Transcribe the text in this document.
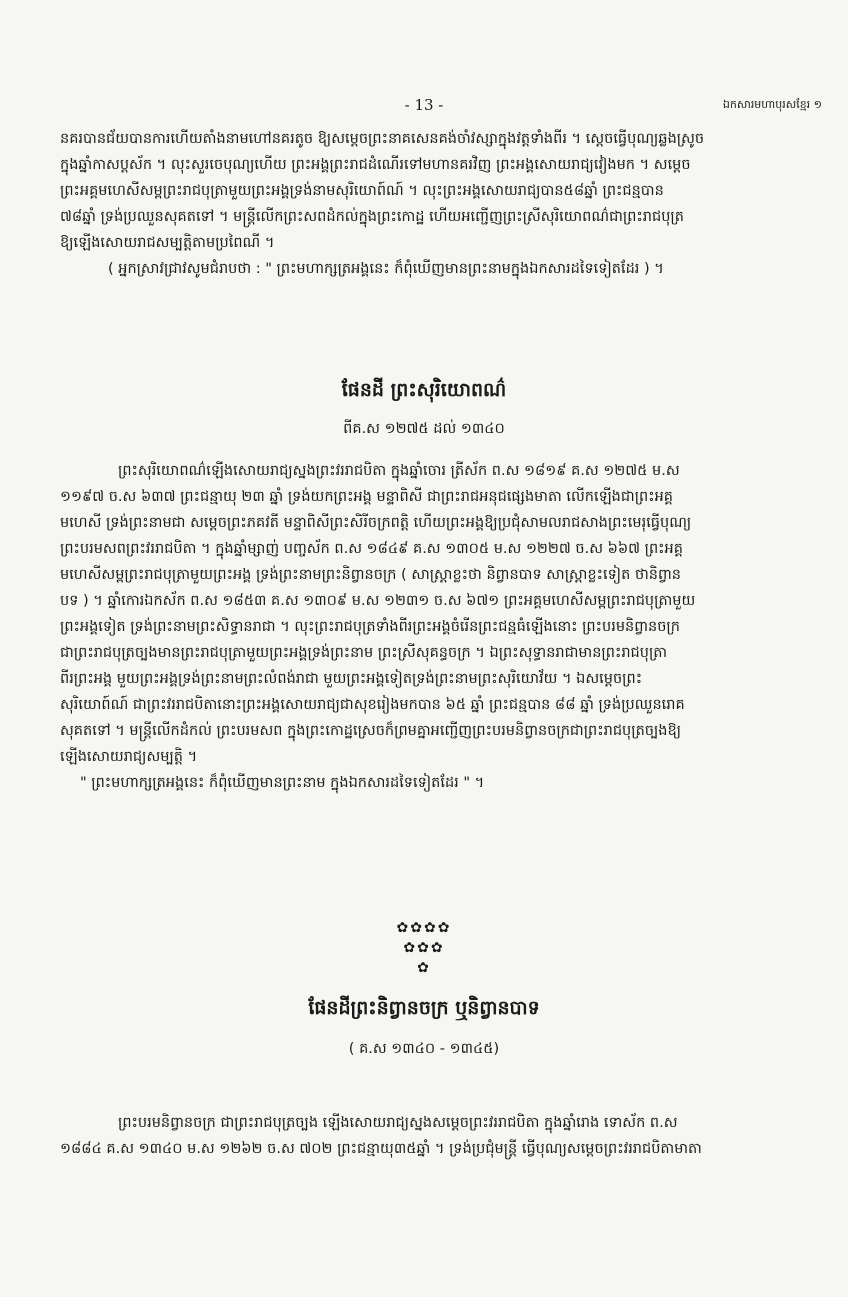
- 13 -	ឯកសារមហាបុរសខ្មែរ ១
នគរបានជ័យបានការហើយតាំងនាមហៅនគរតូច ឱ្យសម្តេចព្រះនាគសេនគង់ចាំវស្សាក្នុងវត្តទាំងពីរ ។ ស្តេចធ្វើបុណ្យឆ្លងស្រូច
ក្នុងឆ្នាំកាសប្តស័ក ។ លុះសួរចេបុណ្យហើយ ព្រះអង្គព្រះរាជដំណើរទៅមហានគរវិញ ព្រះអង្គសោយរាជ្យវៀងមក ។ សម្តេច
ព្រះអគ្គមហេសីសម្ពព្រះរាជបុត្រាមួយព្រះអង្គទ្រង់នាមសុរិយោព៍ណ៍ ។ លុះព្រះអង្គសោយរាជ្យបាន៥៨ឆ្នាំ ព្រះជន្មបាន
៧៨ឆ្នាំ ទ្រង់ប្រឈួនសុគតទៅ ។ មន្ត្រីលើកព្រះសពដំកល់ក្នុងព្រះកោដ្ឋ ហើយអញ្ជើញព្រះស្រីសុរិយោពណ៌ជាព្រះរាជបុត្រ
ឱ្យឡើងសោយរាជសម្បត្តិតាមប្រពៃណី ។
( អ្នកស្រាវជ្រាវសូមជំរាបថា : " ព្រះមហាក្សត្រអង្គនេះ ក៏ពុំឃើញមានព្រះនាមក្នុងឯកសារដទៃទៀតដែរ ) ។
ផែនដី ព្រះសុរិយោពណ៌
ពីគ.ស ១២៧៥ ដល់ ១៣៤០
ព្រះសុរិយោពណ៌ឡើងសោយរាជ្យស្នងព្រះវររាជបិតា ក្នុងឆ្នាំចោរ ត្រីស័ក ព.ស ១៨១៩ គ.ស ១២៧៥ ម.ស
១១៩៧ ច.ស ៦៣៧ ព្រះជន្មាយុ ២៣ ឆ្នាំ ទ្រង់យកព្រះអង្គ មន្ទាពិសី ជាព្រះរាជអនុជផ្សេងមាតា លើកឡើងជាព្រះអគ្គ
មហេសី ទ្រង់ព្រះនាមជា សម្តេចព្រះភគវតី មន្ទាពិសីព្រះសិរីចក្រពត្តិ ហើយព្រះអង្គឱ្យប្រជុំសាមលរាជសាងព្រះមេរុធ្វើបុណ្យ
ព្រះបរមសពព្រះវររាជបិតា ។ ក្នុងឆ្នាំម្សាញ់ បញ្ចស័ក ព.ស ១៨៤៩ គ.ស ១៣០៥ ម.ស ១២២៧ ច.ស ៦៦៧ ព្រះអគ្គ
មហេសីសម្ពព្រះរាជបុត្រាមួយព្រះអង្គ ទ្រង់ព្រះនាមព្រះនិព្វានចក្រ ( សាស្ត្រាខ្លះថា និព្វានបាទ សាស្ត្រាខ្លះទៀត ថានិព្វាន
បទ ) ។ ឆ្នាំកោរឯកស័ក ព.ស ១៨៥៣ គ.ស ១៣០៩ ម.ស ១២៣១ ច.ស ៦៧១ ព្រះអគ្គមហេសីសម្ពព្រះរាជបុត្រាមួយ
ព្រះអង្គទៀត ទ្រង់ព្រះនាមព្រះសិទ្ធានរាជា ។ លុះព្រះរាជបុត្រទាំងពីរព្រះអង្គចំរើនព្រះជន្មធំឡើងនោះ ព្រះបរមនិព្វានចក្រ
ជាព្រះរាជបុត្រច្បងមានព្រះរាជបុត្រាមួយព្រះអង្គទ្រង់ព្រះនាម ព្រះស្រីសុគន្ធចក្រ ។ ឯព្រះសុទ្ធានរាជាមានព្រះរាជបុត្រា
ពីរព្រះអង្គ មួយព្រះអង្គទ្រង់ព្រះនាមព្រះលំពង់រាជា មួយព្រះអង្គទៀតទ្រង់ព្រះនាមព្រះសុរិយោវ័យ ។ ឯសម្តេចព្រះ
សុរិយោព៍ណ៍ ជាព្រះវររាជបិតានោះព្រះអង្គសោយរាជ្យជាសុខរៀងមកបាន ៦៥ ឆ្នាំ ព្រះជន្មបាន ៨៨ ឆ្នាំ ទ្រង់ប្រឈួនរោគ
សុគតទៅ ។ មន្ត្រីលើកដំកល់ ព្រះបរមសព ក្នុងព្រះកោដ្ឋស្រេចក៏ព្រមគ្នាអញ្ជើញព្រះបរមនិព្វានចក្រជាព្រះរាជបុត្រច្បងឱ្យ
ឡើងសោយរាជ្យសម្បត្តិ ។
" ព្រះមហាក្សត្រអង្គនេះ ក៏ពុំឃើញមានព្រះនាម ក្នុងឯកសារដទៃទៀតដែរ " ។
✿✿✿✿
✿✿✿
✿
ផែនដីព្រះនិព្វានចក្រ ឬនិព្វានបាទ
( គ.ស ១៣៤០ - ១៣៤៥)
ព្រះបរមនិព្វានចក្រ ជាព្រះរាជបុត្រច្បង ឡើងសោយរាជ្យស្នងសម្តេចព្រះវររាជបិតា ក្នុងឆ្នាំរោង ទោស័ក ព.ស
១៨៨៤ គ.ស ១៣៤០ ម.ស ១២៦២ ច.ស ៧០២ ព្រះជន្មាយុ៣៥ឆ្នាំ ។ ទ្រង់ប្រជុំមន្ត្រី ធ្វើបុណ្យសម្តេចព្រះវររាជបិតាមាតា
